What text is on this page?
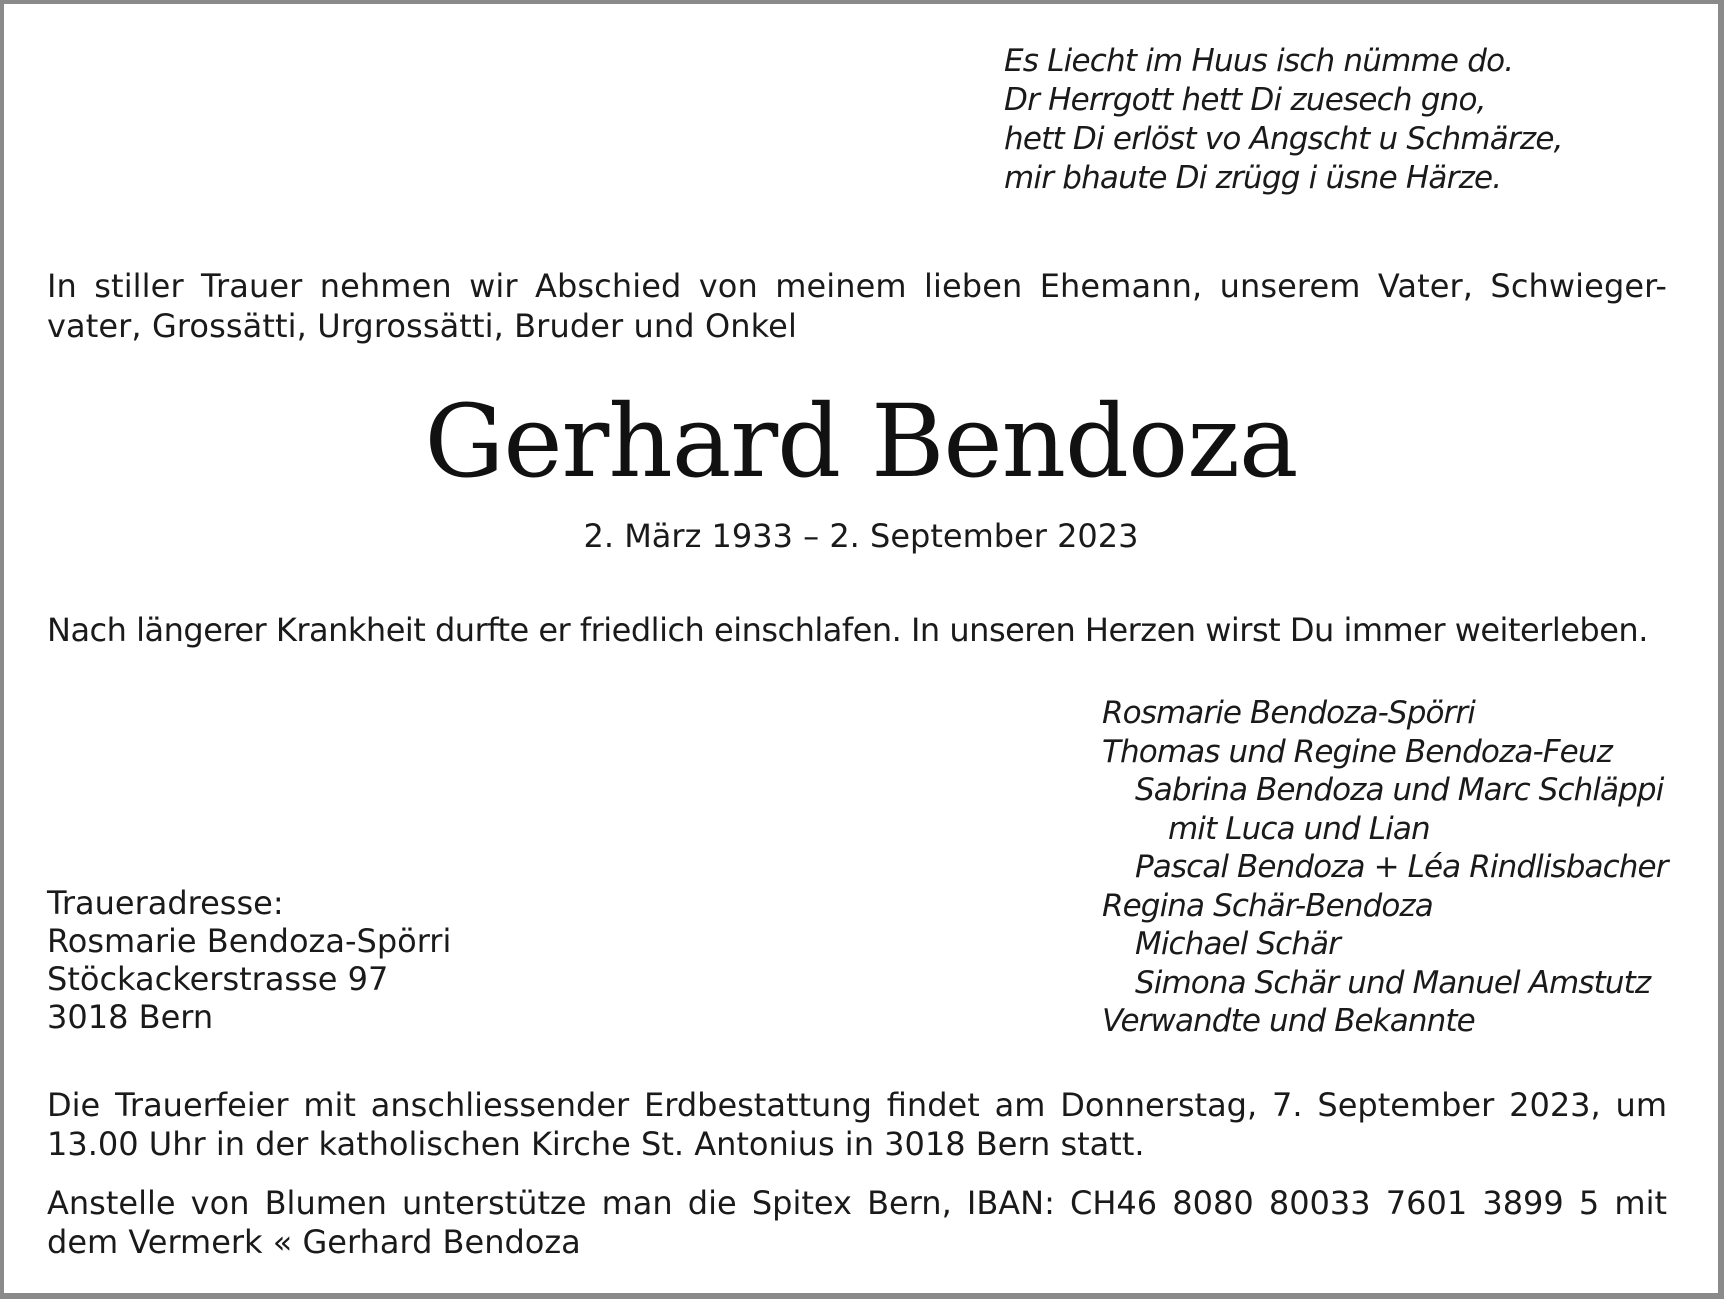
Es Liecht im Huus isch nümme do.
Dr Herrgott hett Di zuesech gno,
hett Di erlöst vo Angscht u Schmärze,
mir bhaute Di zrügg i üsne Härze.
In stiller Trauer nehmen wir Abschied von meinem lieben Ehemann, unserem Vater, Schwieger- vater, Grossätti, Urgrossätti, Bruder und Onkel
Gerhard Bendoza
2. März 1933 – 2. September 2023
Nach längerer Krankheit durfte er friedlich einschlafen. In unseren Herzen wirst Du immer weiterleben.
Rosmarie Bendoza-Spörri
Thomas und Regine Bendoza-Feuz
Sabrina Bendoza und Marc Schläppi
mit Luca und Lian
Pascal Bendoza + Léa Rindlisbacher
Regina Schär-Bendoza
Michael Schär
Simona Schär und Manuel Amstutz
Verwandte und Bekannte
Traueradresse:
Rosmarie Bendoza-Spörri
Stöckackerstrasse 97
3018 Bern
Die Trauerfeier mit anschliessender Erdbestattung findet am Donnerstag, 7. September 2023, um 13.00 Uhr in der katholischen Kirche St. Antonius in 3018 Bern statt.
Anstelle von Blumen unterstütze man die Spitex Bern, IBAN: CH46 8080 80033 7601 3899 5 mit dem Vermerk « Gerhard Bendoza
